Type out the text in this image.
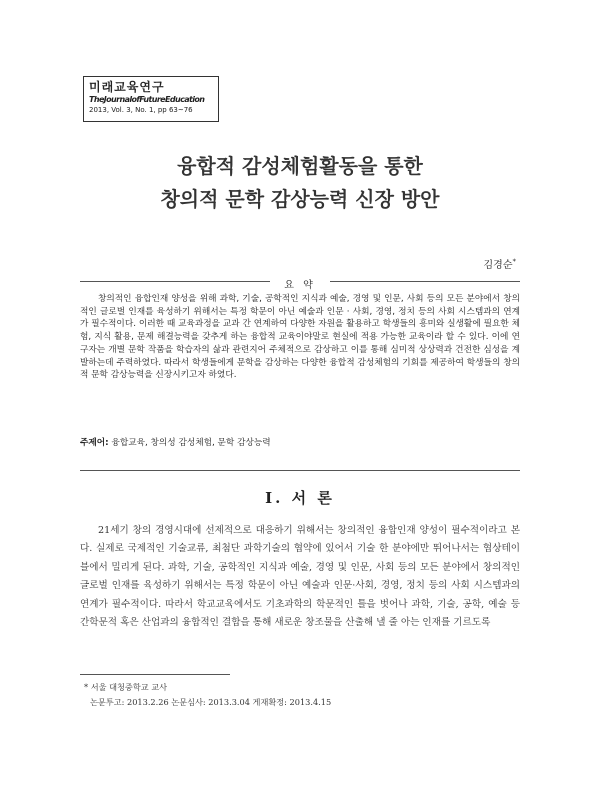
미래교육연구
TheJournalofFutureEducation
2013, Vol. 3, No. 1, pp 63~76
융합적 감성체험활동을 통한
창의적 문학 감상능력 신장 방안
김경순*
요 약
창의적인 융합인재 양성을 위해 과학, 기술, 공학적인 지식과 예술, 경영 및 인문, 사회 등의 모든 분야에서 창의적인 글로벌 인재를 육성하기 위해서는 특정 학문이 아닌 예술과 인문 · 사회, 경영, 정치 등의 사회 시스템과의 연계가 필수적이다. 이러한 때 교육과정을 교과 간 연계하여 다양한 자원을 활용하고 학생들의 흥미와 실생활에 필요한 체험, 지식 활용, 문제 해결능력을 갖추게 하는 융합적 교육이야말로 현실에 적용 가능한 교육이라 할 수 있다. 이에 연구자는 개별 문학 작품을 학습자의 삶과 관련지어 주체적으로 감상하고 이를 통해 심미적 상상력과 건전한 심성을 계발하는데 주력하였다. 따라서 학생들에게 문학을 감상하는 다양한 융합적 감성체험의 기회를 제공하여 학생들의 창의적 문학 감상능력을 신장시키고자 하였다.
주제어: 융합교육, 창의성 감성체험, 문학 감상능력
Ⅰ. 서 론
21세기 창의 경영시대에 선제적으로 대응하기 위해서는 창의적인 융합인재 양성이 필수적이라고 본다. 실제로 국제적인 기술교류, 최첨단 과학기술의 협약에 있어서 기술 한 분야에만 뛰어나서는 협상테이블에서 밀리게 된다. 과학, 기술, 공학적인 지식과 예술, 경영 및 인문, 사회 등의 모든 분야에서 창의적인 글로벌 인재를 육성하기 위해서는 특정 학문이 아닌 예술과 인문·사회, 경영, 정치 등의 사회 시스템과의 연계가 필수적이다. 따라서 학교교육에서도 기초과학의 학문적인 틀을 벗어나 과학, 기술, 공학, 예술 등 간학문적 혹은 산업과의 융합적인 결합을 통해 새로운 창조물을 산출해 낼 줄 아는 인재를 기르도록
* 서울 대청중학교 교사
논문투고: 2013.2.26 논문심사: 2013.3.04 게재확정: 2013.4.15
